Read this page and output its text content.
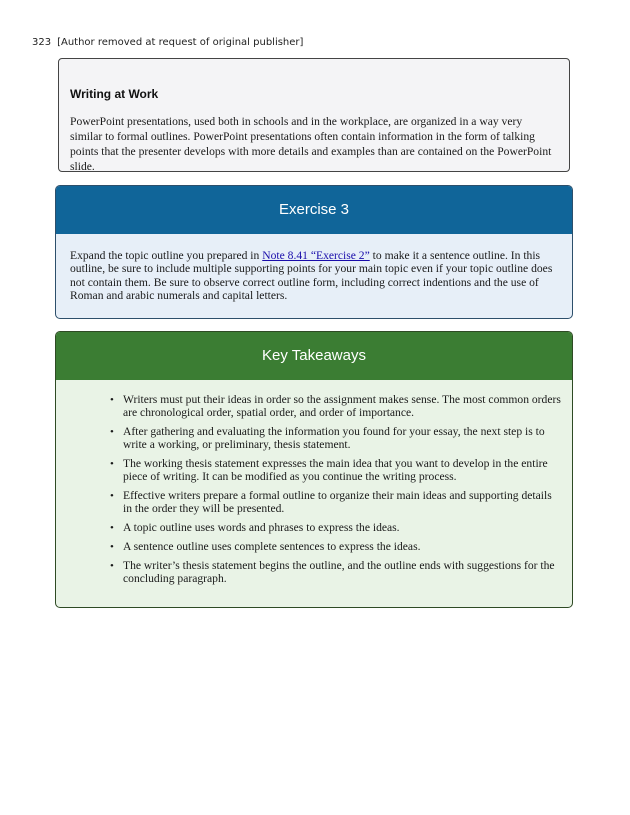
323 [Author removed at request of original publisher]
Writing at Work

PowerPoint presentations, used both in schools and in the workplace, are organized in a way very similar to formal outlines. PowerPoint presentations often contain information in the form of talking points that the presenter develops with more details and examples than are contained on the PowerPoint slide.

Exercise 3
Expand the topic outline you prepared in Note 8.41 “Exercise 2” to make it a sentence outline. In this outline, be sure to include multiple supporting points for your main topic even if your topic outline does not contain them. Be sure to observe correct outline form, including correct indentions and the use of Roman and arabic numerals and capital letters.
Key Takeaways
• Writers must put their ideas in order so the assignment makes sense. The most common orders are chronological order, spatial order, and order of importance.
• After gathering and evaluating the information you found for your essay, the next step is to write a working, or preliminary, thesis statement.
• The working thesis statement expresses the main idea that you want to develop in the entire piece of writing. It can be modified as you continue the writing process.
• Effective writers prepare a formal outline to organize their main ideas and supporting details in the order they will be presented.
• A topic outline uses words and phrases to express the ideas.
• A sentence outline uses complete sentences to express the ideas.
• The writer’s thesis statement begins the outline, and the outline ends with suggestions for the concluding paragraph.
